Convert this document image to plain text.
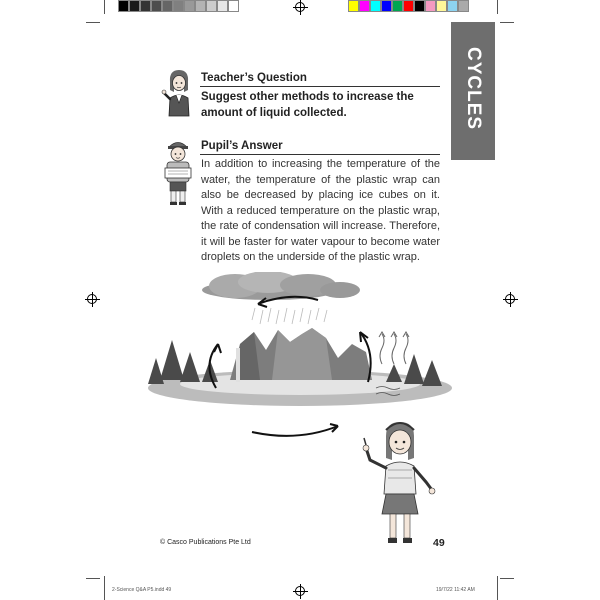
CYCLES
Teacher’s Question
Suggest other methods to increase the amount of liquid collected.
Pupil’s Answer
In addition to increasing the temperature of the water, the temperature of the plastic wrap can also be decreased by placing ice cubes on it. With a reduced temperature on the plastic wrap, the rate of condensation will increase. Therefore, it will be faster for water vapour to become water droplets on the underside of the plastic wrap.
© Casco Publications Pte Ltd	49
2-Science Q&A P5.indd 49	19/7/22 11:42 AM
